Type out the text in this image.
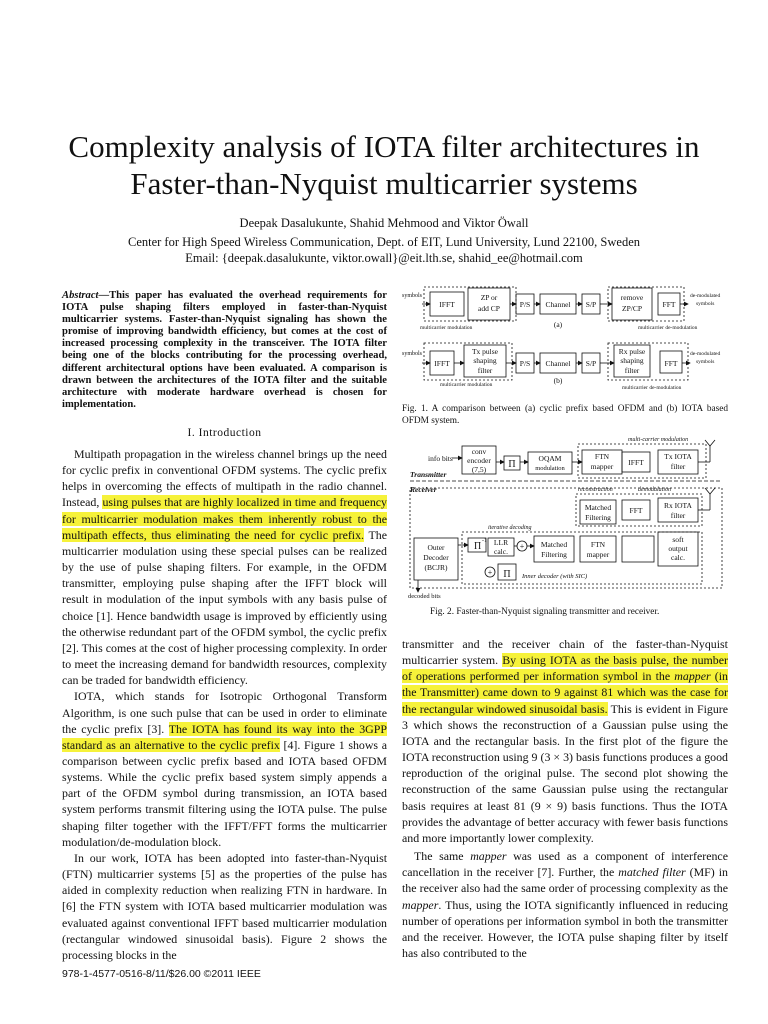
Complexity analysis of IOTA filter architectures in
Faster-than-Nyquist multicarrier systems
Deepak Dasalukunte, Shahid Mehmood and Viktor Öwall
Center for High Speed Wireless Communication, Dept. of EIT, Lund University, Lund 22100, Sweden
Email: {deepak.dasalukunte, viktor.owall}@eit.lth.se, shahid_ee@hotmail.com
Abstract—This paper has evaluated the overhead requirements for IOTA pulse shaping filters employed in faster-than-Nyquist multicarrier systems. Faster-than-Nyquist signaling has shown the promise of improving bandwidth efficiency, but comes at the cost of increased processing complexity in the transceiver. The IOTA filter being one of the blocks contributing for the processing overhead, different architectural options have been evaluated. A comparison is drawn between the architectures of the IOTA filter and the suitable architecture with moderate hardware overhead is chosen for implementation.
I. Introduction

Multipath propagation in the wireless channel brings up the need for cyclic prefix in conventional OFDM systems. The cyclic prefix helps in overcoming the effects of multipath in the radio channel. Instead, using pulses that are highly localized in time and frequency for multicarrier modulation makes them inherently robust to the multipath effects, thus eliminating the need for cyclic prefix. The multicarrier modulation using these special pulses can be realized by the use of pulse shaping filters. For example, in the OFDM transmitter, employing pulse shaping after the IFFT block will result in modulation of the input symbols with any basis pulse of choice [1]. Hence bandwidth usage is improved by efficiently using the otherwise redundant part of the OFDM symbol, the cyclic prefix [2]. This comes at the cost of higher processing complexity. In order to meet the increasing demand for bandwidth resources, complexity can be traded for bandwidth efficiency.

IOTA, which stands for Isotropic Orthogonal Transform Algorithm, is one such pulse that can be used in order to eliminate the cyclic prefix [3]. The IOTA has found its way into the 3GPP standard as an alternative to the cyclic prefix [4]. Figure 1 shows a comparison between cyclic prefix based and IOTA based OFDM systems. While the cyclic prefix based system simply appends a part of the OFDM symbol during transmission, an IOTA based system performs transmit filtering using the IOTA pulse. The pulse shaping filter together with the IFFT/FFT forms the multicarrier modulation/de-modulation block.

In our work, IOTA has been adopted into faster-than-Nyquist (FTN) multicarrier systems [5] as the properties of the pulse has aided in complexity reduction when realizing FTN in hardware. In [6] the FTN system with IOTA based multicarrier modulation was evaluated against conventional IFFT based multicarrier modulation (rectangular windowed sinusoidal basis). Figure 2 shows the processing blocks in the

symbols
IFFT
ZP or
add CP	P/S Channel S/P
remove
ZP/CP	FFT
de-modulated
symbols
multicarrier modulation	multicarrier de-modulation
(a)
symbols
IFFT
Tx pulse
shaping
filter
P/S Channel S/P
Rx pulse
shaping
filter
FFT
de-modulated
symbols
multicarrier modulation	multicarrier de-modulation
(b)
Fig. 1. A comparison between (a) cyclic prefix based OFDM and (b) IOTA based OFDM system.
multi-carrier modulation
info bits
conv
encoder
(7,5) Π
OQAM
modulation
FTN
mapper IFFT
Tx IOTA
filter
Transmitter
Receiver	reconstruction	demodulation
Matched
Filtering
FFT
Rx IOTA
filter
iterative decoding
Outer
Decoder
(BCJR)
Π -1 LLR
calc.
+ Matched
Filtering
FTN
mapper
soft
output
calc.
+ Π Inner decoder (with SIC)
decoded bits
Fig. 2. Faster-than-Nyquist signaling transmitter and receiver.

transmitter and the receiver chain of the faster-than-Nyquist multicarrier system. By using IOTA as the basis pulse, the number of operations performed per information symbol in the mapper (in the Transmitter) came down to 9 against 81 which was the case for the rectangular windowed sinusoidal basis. This is evident in Figure 3 which shows the reconstruction of a Gaussian pulse using the IOTA and the rectangular basis. In the first plot of the figure the IOTA reconstruction using 9 (3 × 3) basis functions produces a good reproduction of the original pulse. The second plot showing the reconstruction of the same Gaussian pulse using the rectangular basis requires at least 81 (9 × 9) basis functions. Thus the IOTA provides the advantage of better accuracy with fewer basis functions and more importantly lower complexity.

The same mapper was used as a component of interference cancellation in the receiver [7]. Further, the matched filter (MF) in the receiver also had the same order of processing complexity as the mapper. Thus, using the IOTA significantly influenced in reducing number of operations per information symbol in both the transmitter and the receiver. However, the IOTA pulse shaping filter by itself has also contributed to the

978-1-4577-0516-8/11/$26.00 ©2011 IEEE
